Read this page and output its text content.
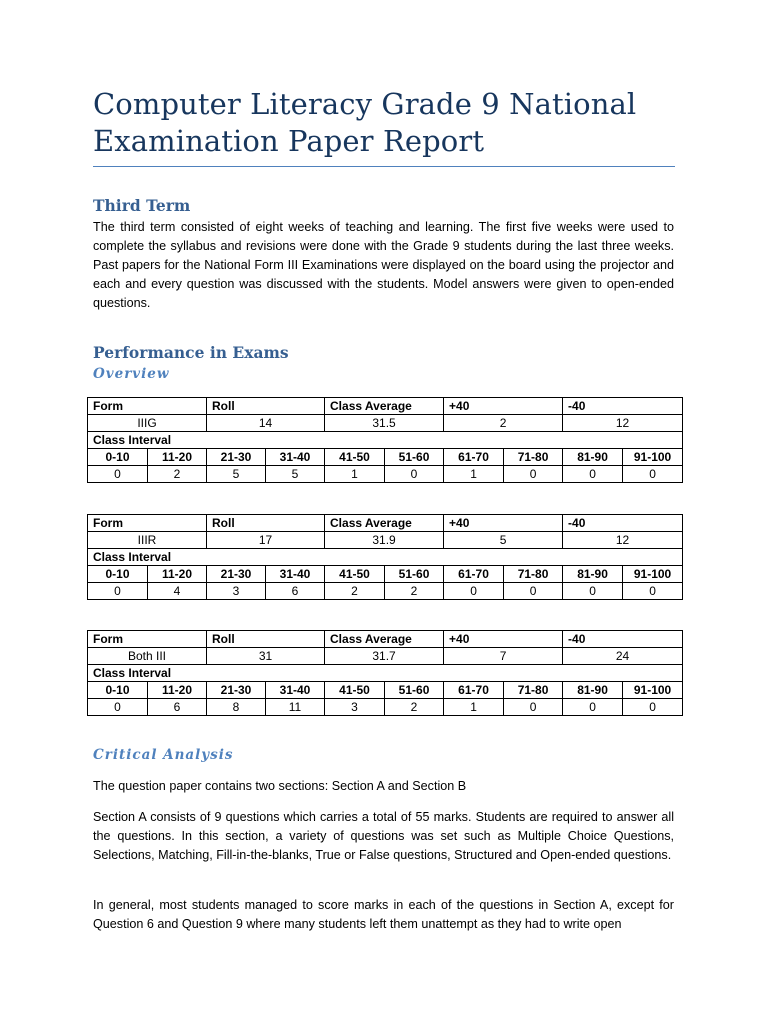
Computer Literacy Grade 9 National
Examination Paper Report
Third Term

The third term consisted of eight weeks of teaching and learning. The first five weeks were used to complete the syllabus and revisions were done with the Grade 9 students during the last three weeks. Past papers for the National Form III Examinations were displayed on the board using the projector and each and every question was discussed with the students. Model answers were given to open-ended questions.

Performance in Exams
Overview
Form		Roll		Class Average		+40		-40	
IIIG		14		31.5		2		12	
Class Interval									
0-10	11-20	21-30	31-40	41-50	51-60	61-70	71-80	81-90	91-100
0	2	5	5	1	0	1	0	0	0
Form		Roll		Class Average		+40		-40	
IIIR		17		31.9		5		12	
Class Interval									
0-10	11-20	21-30	31-40	41-50	51-60	61-70	71-80	81-90	91-100
0	4	3	6	2	2	0	0	0	0
Form		Roll		Class Average		+40		-40	
Both III		31		31.7		7		24	
Class Interval									
0-10	11-20	21-30	31-40	41-50	51-60	61-70	71-80	81-90	91-100
0	6	8	11	3	2	1	0	0	0
Critical Analysis

The question paper contains two sections: Section A and Section B

Section A consists of 9 questions which carries a total of 55 marks. Students are required to answer all the questions. In this section, a variety of questions was set such as Multiple Choice Questions, Selections, Matching, Fill-in-the-blanks, True or False questions, Structured and Open-ended questions.

In general, most students managed to score marks in each of the questions in Section A, except for Question 6 and Question 9 where many students left them unattempt as they had to write open
